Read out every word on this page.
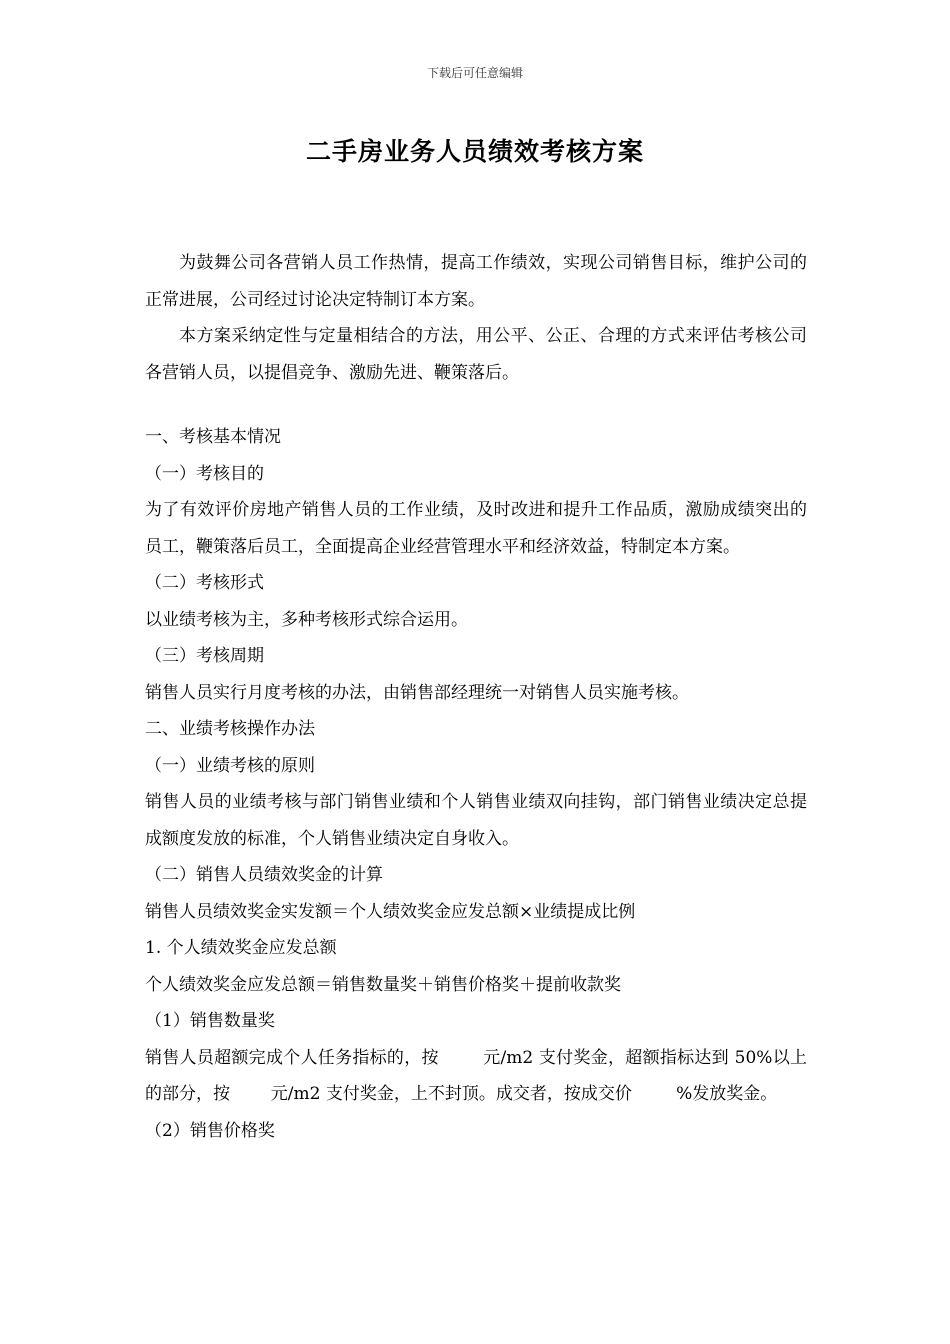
下载后可任意编辑
二手房业务人员绩效考核方案

为鼓舞公司各营销人员工作热情，提高工作绩效，实现公司销售目标，维护公司的正常进展，公司经过讨论决定特制订本方案。

本方案采纳定性与定量相结合的方法，用公平、公正、合理的方式来评估考核公司各营销人员，以提倡竞争、激励先进、鞭策落后。

一、考核基本情况

（一）考核目的

为了有效评价房地产销售人员的工作业绩，及时改进和提升工作品质，激励成绩突出的员工，鞭策落后员工，全面提高企业经营管理水平和经济效益，特制定本方案。

（二）考核形式

以业绩考核为主，多种考核形式综合运用。

（三）考核周期

销售人员实行月度考核的办法，由销售部经理统一对销售人员实施考核。

二、业绩考核操作办法

（一）业绩考核的原则

销售人员的业绩考核与部门销售业绩和个人销售业绩双向挂钩，部门销售业绩决定总提成额度发放的标准，个人销售业绩决定自身收入。

（二）销售人员绩效奖金的计算

销售人员绩效奖金实发额＝个人绩效奖金应发总额×业绩提成比例

1. 个人绩效奖金应发总额

个人绩效奖金应发总额＝销售数量奖＋销售价格奖＋提前收款奖

（1）销售数量奖

销售人员超额完成个人任务指标的，按	元/m2 支付奖金，超额指标达到 50%以上的部分，按 元/m2 支付奖金，上不封顶。成交者，按成交价	%发放奖金。

（2）销售价格奖
